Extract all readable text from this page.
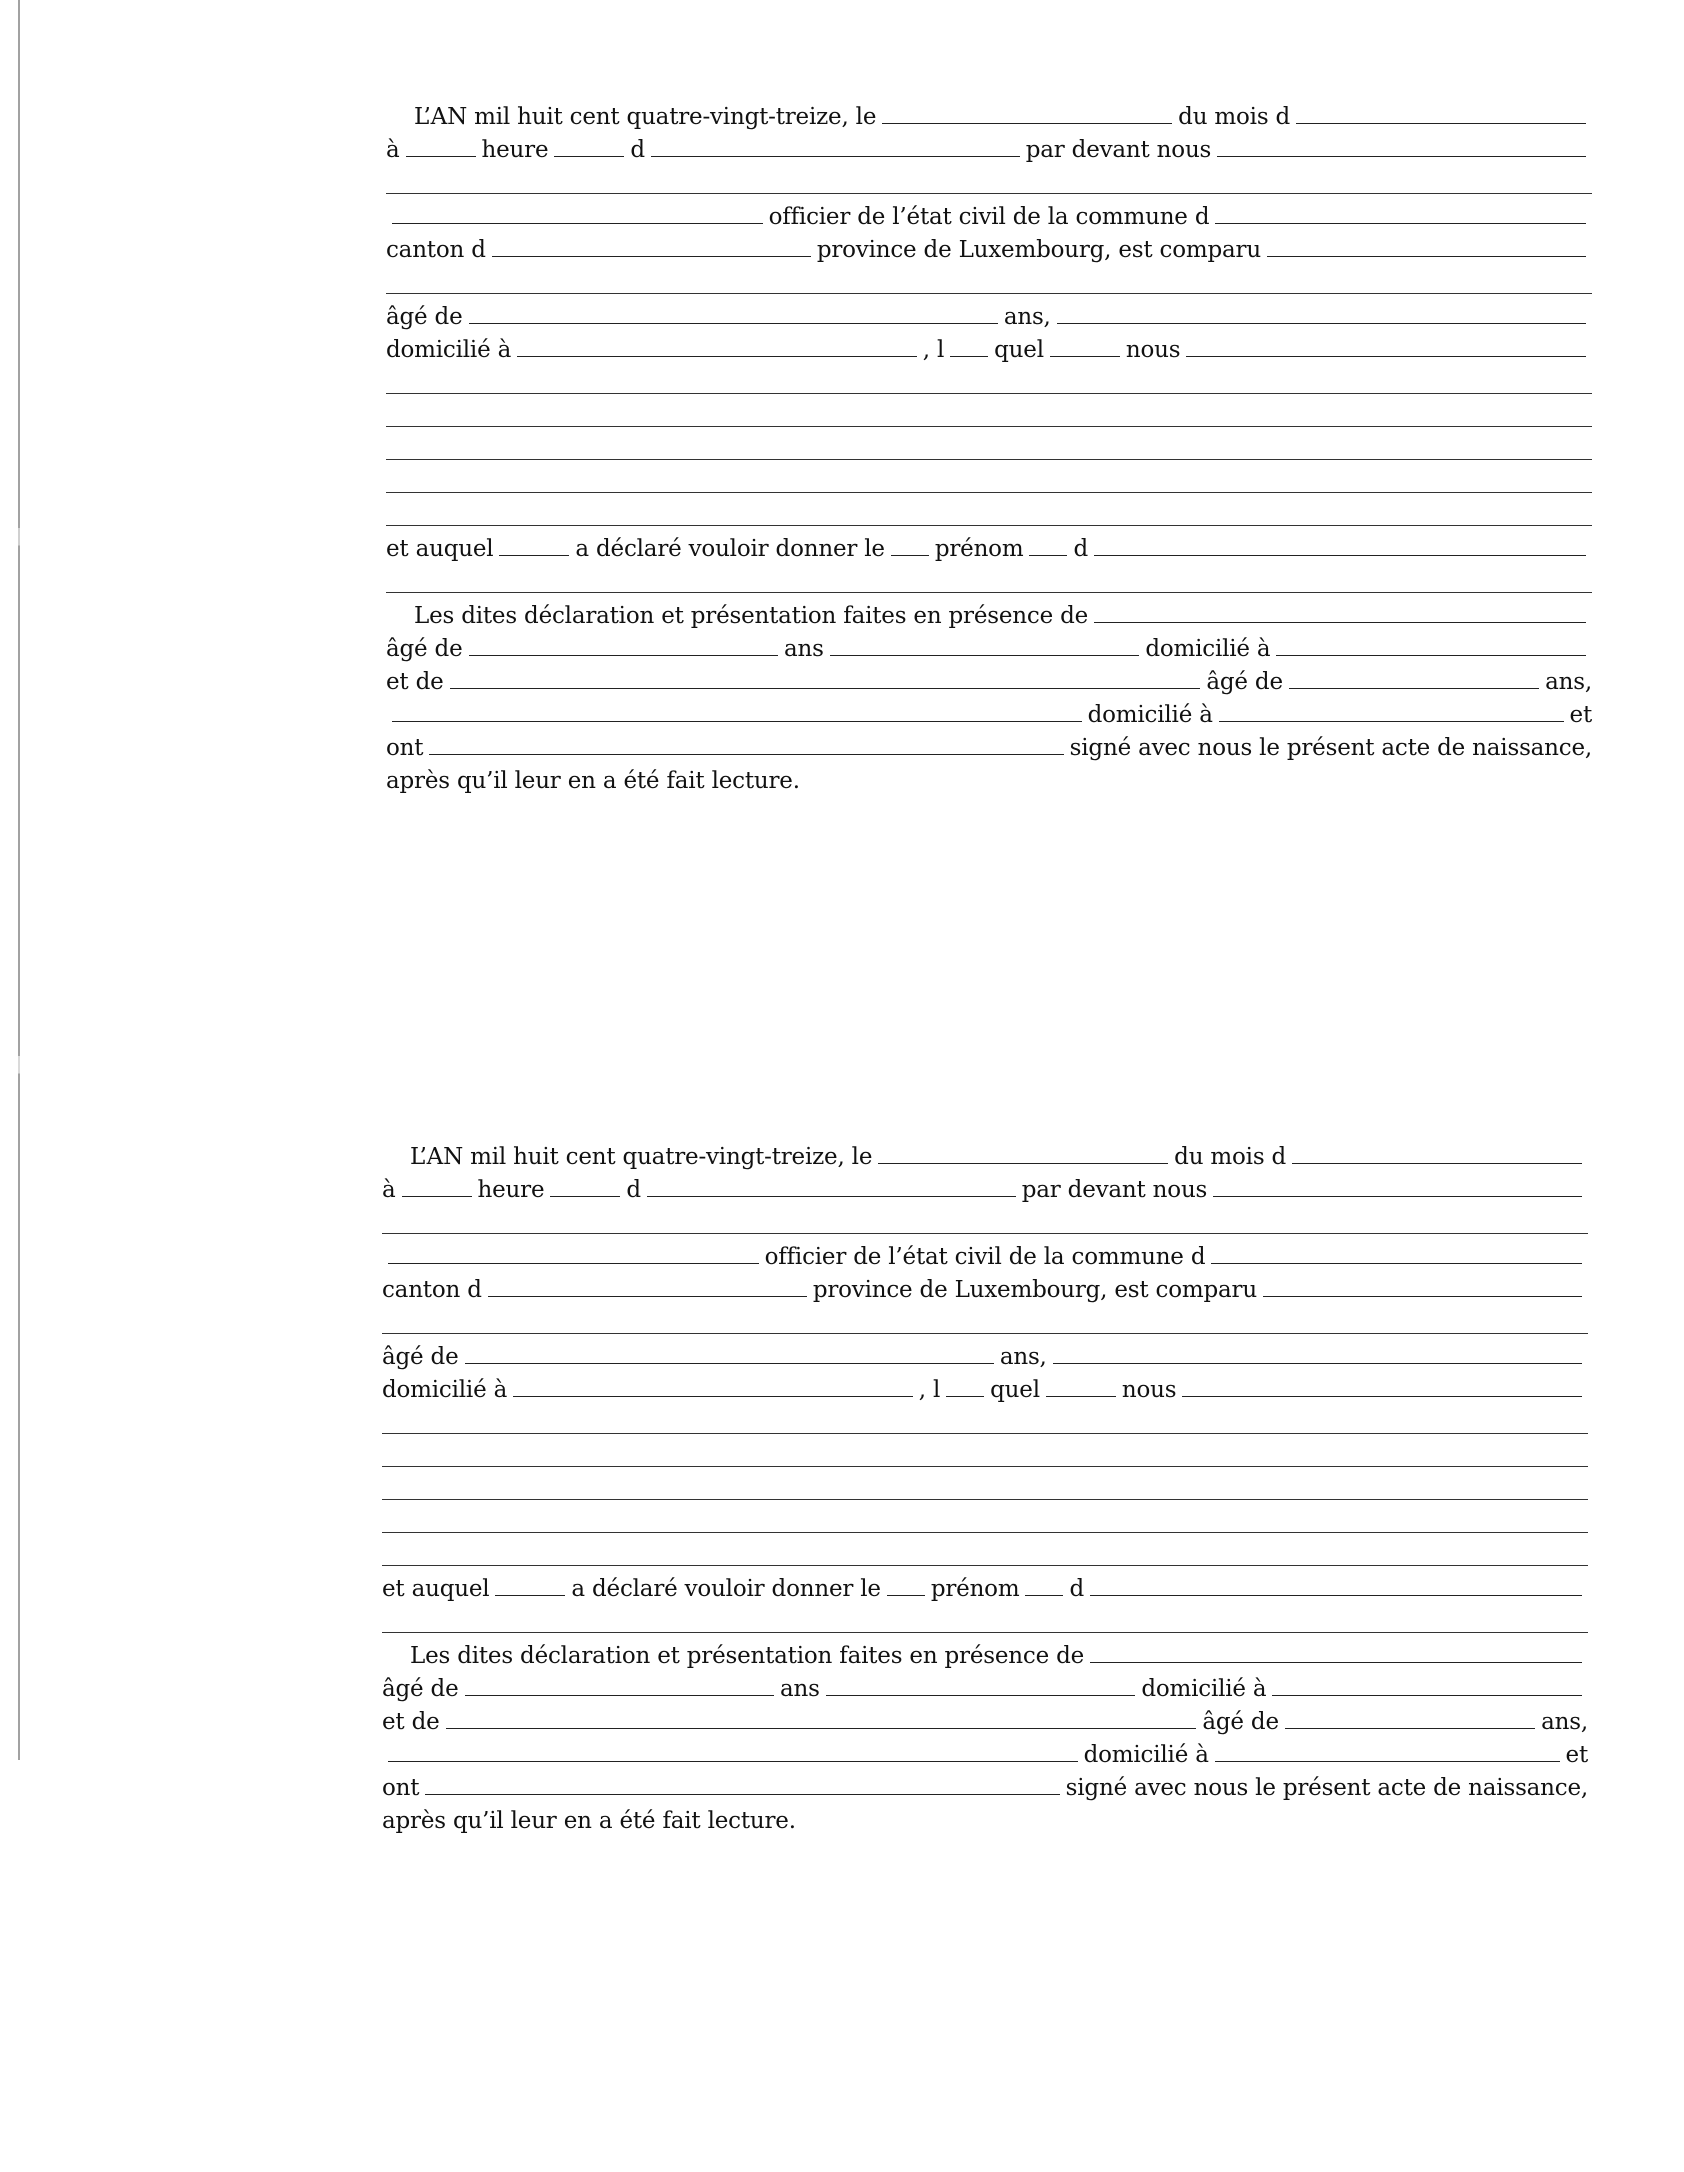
L’AN mil huit cent quatre-vingt-treize, le	du mois d
à	heure	d	par devant nous
officier de l’état civil de la commune d
canton d	province de Luxembourg, est comparu
âgé de	ans,
domicilié à	, l quel	nous
et auquel	a déclaré vouloir donner le prénom d
Les dites déclaration et présentation faites en présence de
âgé de	ans	domicilié à
et de	âgé de	ans,
domicilié à	et
ont	signé avec nous le présent acte de naissance,
après qu’il leur en a été fait lecture.
L’AN mil huit cent quatre-vingt-treize, le	du mois d
à	heure	d	par devant nous
officier de l’état civil de la commune d
canton d	province de Luxembourg, est comparu
âgé de	ans,
domicilié à	, l quel	nous
et auquel	a déclaré vouloir donner le prénom d
Les dites déclaration et présentation faites en présence de
âgé de	ans	domicilié à
et de	âgé de	ans,
domicilié à	et
ont	signé avec nous le présent acte de naissance,
après qu’il leur en a été fait lecture.
